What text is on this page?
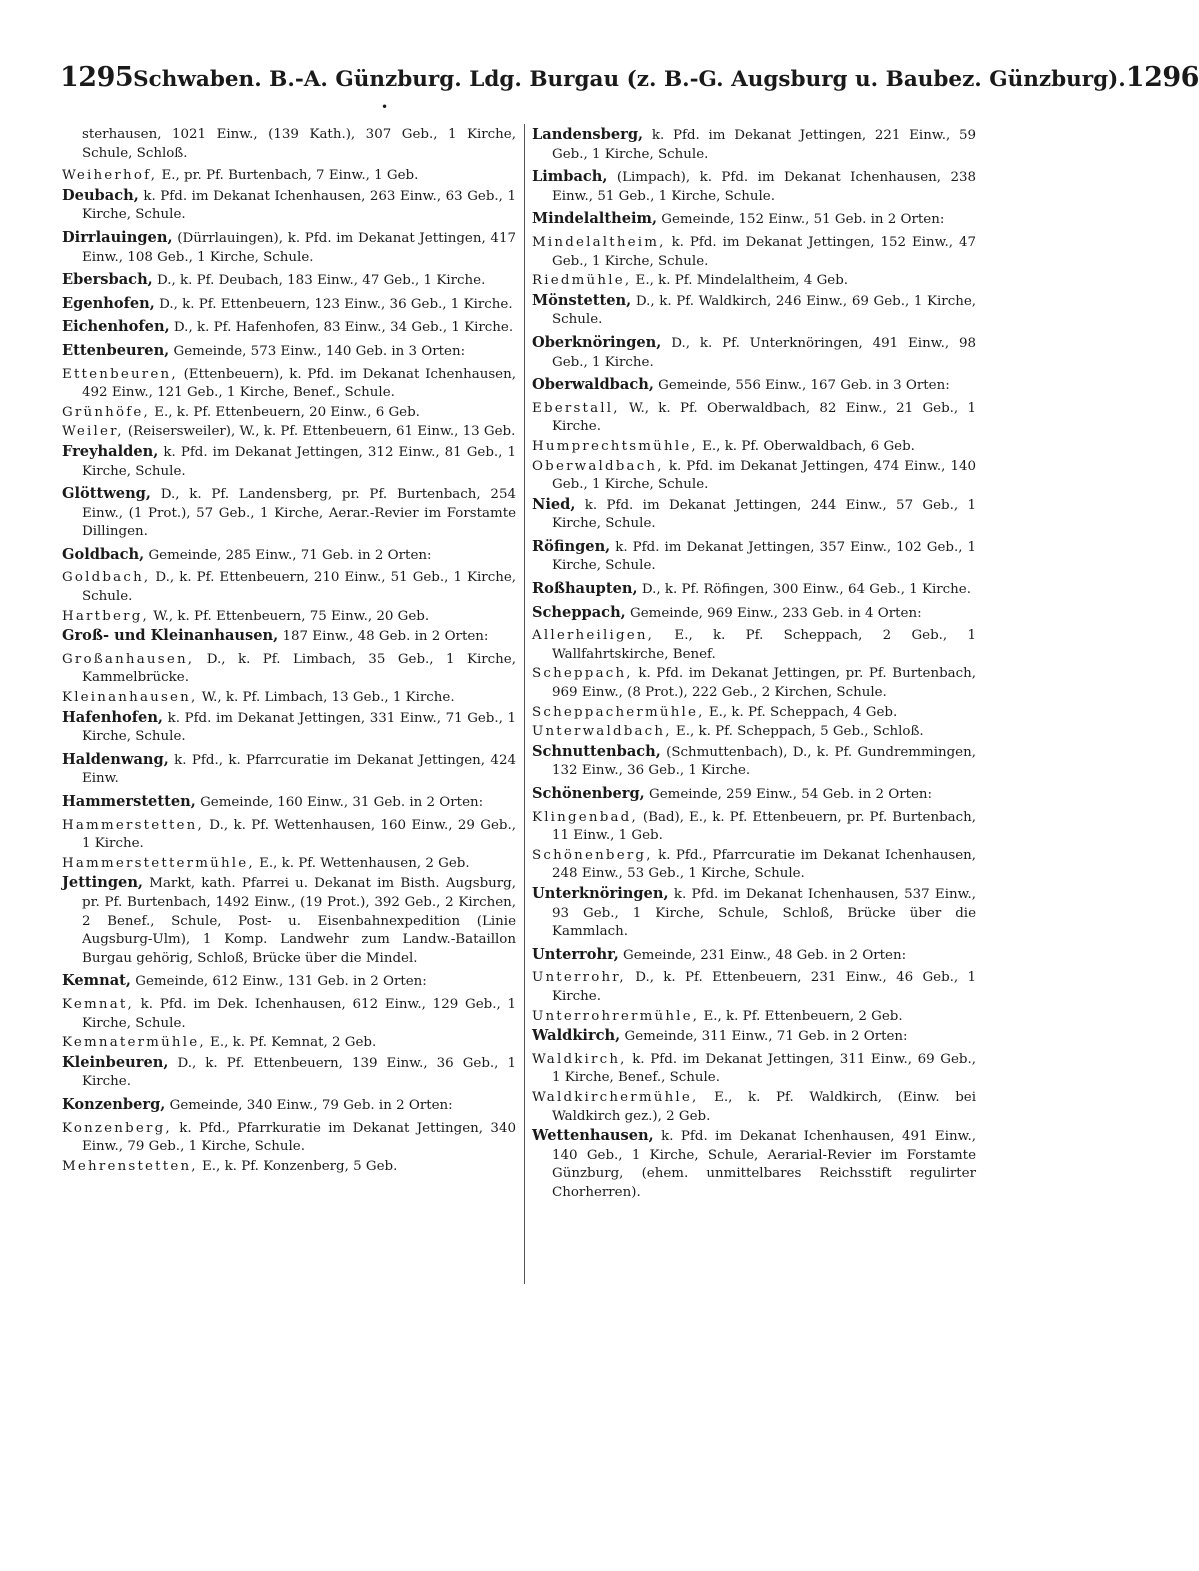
1295 Schwaben. B.-A. Günzburg. Ldg. Burgau (z. B.-G. Augsburg u. Baubez. Günzburg). 1296
•
sterhausen, 1021 Einw., (139 Kath.), 307 Geb., 1 Kirche, Schule, Schloß.
Weiherhof, E., pr. Pf. Burtenbach, 7 Einw., 1 Geb.
Deubach, k. Pfd. im Dekanat Ichenhausen, 263 Einw., 63 Geb., 1 Kirche, Schule.
Dirrlauingen, (Dürrlauingen), k. Pfd. im Dekanat Jettingen, 417 Einw., 108 Geb., 1 Kirche, Schule.
Ebersbach, D., k. Pf. Deubach, 183 Einw., 47 Geb., 1 Kirche.
Egenhofen, D., k. Pf. Ettenbeuern, 123 Einw., 36 Geb., 1 Kirche.
Eichenhofen, D., k. Pf. Hafenhofen, 83 Einw., 34 Geb., 1 Kirche.
Ettenbeuren, Gemeinde, 573 Einw., 140 Geb. in 3 Orten:
Ettenbeuren, (Ettenbeuern), k. Pfd. im Dekanat Ichenhausen, 492 Einw., 121 Geb., 1 Kirche, Benef., Schule.
Grünhöfe, E., k. Pf. Ettenbeuern, 20 Einw., 6 Geb.
Weiler, (Reisersweiler), W., k. Pf. Ettenbeuern, 61 Einw., 13 Geb.
Freyhalden, k. Pfd. im Dekanat Jettingen, 312 Einw., 81 Geb., 1 Kirche, Schule.
Glöttweng, D., k. Pf. Landensberg, pr. Pf. Burtenbach, 254 Einw., (1 Prot.), 57 Geb., 1 Kirche, Aerar.-Revier im Forstamte Dillingen.
Goldbach, Gemeinde, 285 Einw., 71 Geb. in 2 Orten:
Goldbach, D., k. Pf. Ettenbeuern, 210 Einw., 51 Geb., 1 Kirche, Schule.
Hartberg, W., k. Pf. Ettenbeuern, 75 Einw., 20 Geb.
Groß- und Kleinanhausen, 187 Einw., 48 Geb. in 2 Orten:
Großanhausen, D., k. Pf. Limbach, 35 Geb., 1 Kirche, Kammelbrücke.
Kleinanhausen, W., k. Pf. Limbach, 13 Geb., 1 Kirche.
Hafenhofen, k. Pfd. im Dekanat Jettingen, 331 Einw., 71 Geb., 1 Kirche, Schule.
Haldenwang, k. Pfd., k. Pfarrcuratie im Dekanat Jettingen, 424 Einw.
Hammerstetten, Gemeinde, 160 Einw., 31 Geb. in 2 Orten:
Hammerstetten, D., k. Pf. Wettenhausen, 160 Einw., 29 Geb., 1 Kirche.
Hammerstettermühle, E., k. Pf. Wettenhausen, 2 Geb.
Jettingen, Markt, kath. Pfarrei u. Dekanat im Bisth. Augsburg, pr. Pf. Burtenbach, 1492 Einw., (19 Prot.), 392 Geb., 2 Kirchen, 2 Benef., Schule, Post- u. Eisenbahnexpedition (Linie Augsburg-Ulm), 1 Komp. Landwehr zum Landw.-Bataillon Burgau gehörig, Schloß, Brücke über die Mindel.
Kemnat, Gemeinde, 612 Einw., 131 Geb. in 2 Orten:
Kemnat, k. Pfd. im Dek. Ichenhausen, 612 Einw., 129 Geb., 1 Kirche, Schule.
Kemnatermühle, E., k. Pf. Kemnat, 2 Geb.
Kleinbeuren, D., k. Pf. Ettenbeuern, 139 Einw., 36 Geb., 1 Kirche.
Konzenberg, Gemeinde, 340 Einw., 79 Geb. in 2 Orten:
Konzenberg, k. Pfd., Pfarrkuratie im Dekanat Jettingen, 340 Einw., 79 Geb., 1 Kirche, Schule.
Mehrenstetten, E., k. Pf. Konzenberg, 5 Geb.
Landensberg, k. Pfd. im Dekanat Jettingen, 221 Einw., 59 Geb., 1 Kirche, Schule.
Limbach, (Limpach), k. Pfd. im Dekanat Ichenhausen, 238 Einw., 51 Geb., 1 Kirche, Schule.
Mindelaltheim, Gemeinde, 152 Einw., 51 Geb. in 2 Orten:
Mindelaltheim, k. Pfd. im Dekanat Jettingen, 152 Einw., 47 Geb., 1 Kirche, Schule.
Riedmühle, E., k. Pf. Mindelaltheim, 4 Geb.
Mönstetten, D., k. Pf. Waldkirch, 246 Einw., 69 Geb., 1 Kirche, Schule.
Oberknöringen, D., k. Pf. Unterknöringen, 491 Einw., 98 Geb., 1 Kirche.
Oberwaldbach, Gemeinde, 556 Einw., 167 Geb. in 3 Orten:
Eberstall, W., k. Pf. Oberwaldbach, 82 Einw., 21 Geb., 1 Kirche.
Humprechtsmühle, E., k. Pf. Oberwaldbach, 6 Geb.
Oberwaldbach, k. Pfd. im Dekanat Jettingen, 474 Einw., 140 Geb., 1 Kirche, Schule.
Nied, k. Pfd. im Dekanat Jettingen, 244 Einw., 57 Geb., 1 Kirche, Schule.
Röfingen, k. Pfd. im Dekanat Jettingen, 357 Einw., 102 Geb., 1 Kirche, Schule.
Roßhaupten, D., k. Pf. Röfingen, 300 Einw., 64 Geb., 1 Kirche.
Scheppach, Gemeinde, 969 Einw., 233 Geb. in 4 Orten:
Allerheiligen, E., k. Pf. Scheppach, 2 Geb., 1 Wallfahrtskirche, Benef.
Scheppach, k. Pfd. im Dekanat Jettingen, pr. Pf. Burtenbach, 969 Einw., (8 Prot.), 222 Geb., 2 Kirchen, Schule.
Scheppachermühle, E., k. Pf. Scheppach, 4 Geb.
Unterwaldbach, E., k. Pf. Scheppach, 5 Geb., Schloß.
Schnuttenbach, (Schmuttenbach), D., k. Pf. Gundremmingen, 132 Einw., 36 Geb., 1 Kirche.
Schönenberg, Gemeinde, 259 Einw., 54 Geb. in 2 Orten:
Klingenbad, (Bad), E., k. Pf. Ettenbeuern, pr. Pf. Burtenbach, 11 Einw., 1 Geb.
Schönenberg, k. Pfd., Pfarrcuratie im Dekanat Ichenhausen, 248 Einw., 53 Geb., 1 Kirche, Schule.
Unterknöringen, k. Pfd. im Dekanat Ichenhausen, 537 Einw., 93 Geb., 1 Kirche, Schule, Schloß, Brücke über die Kammlach.
Unterrohr, Gemeinde, 231 Einw., 48 Geb. in 2 Orten:
Unterrohr, D., k. Pf. Ettenbeuern, 231 Einw., 46 Geb., 1 Kirche.
Unterrohrermühle, E., k. Pf. Ettenbeuern, 2 Geb.
Waldkirch, Gemeinde, 311 Einw., 71 Geb. in 2 Orten:
Waldkirch, k. Pfd. im Dekanat Jettingen, 311 Einw., 69 Geb., 1 Kirche, Benef., Schule.
Waldkirchermühle, E., k. Pf. Waldkirch, (Einw. bei Waldkirch gez.), 2 Geb.
Wettenhausen, k. Pfd. im Dekanat Ichenhausen, 491 Einw., 140 Geb., 1 Kirche, Schule, Aerarial-Revier im Forstamte Günzburg, (ehem. unmittelbares Reichsstift regulirter Chorherren).
